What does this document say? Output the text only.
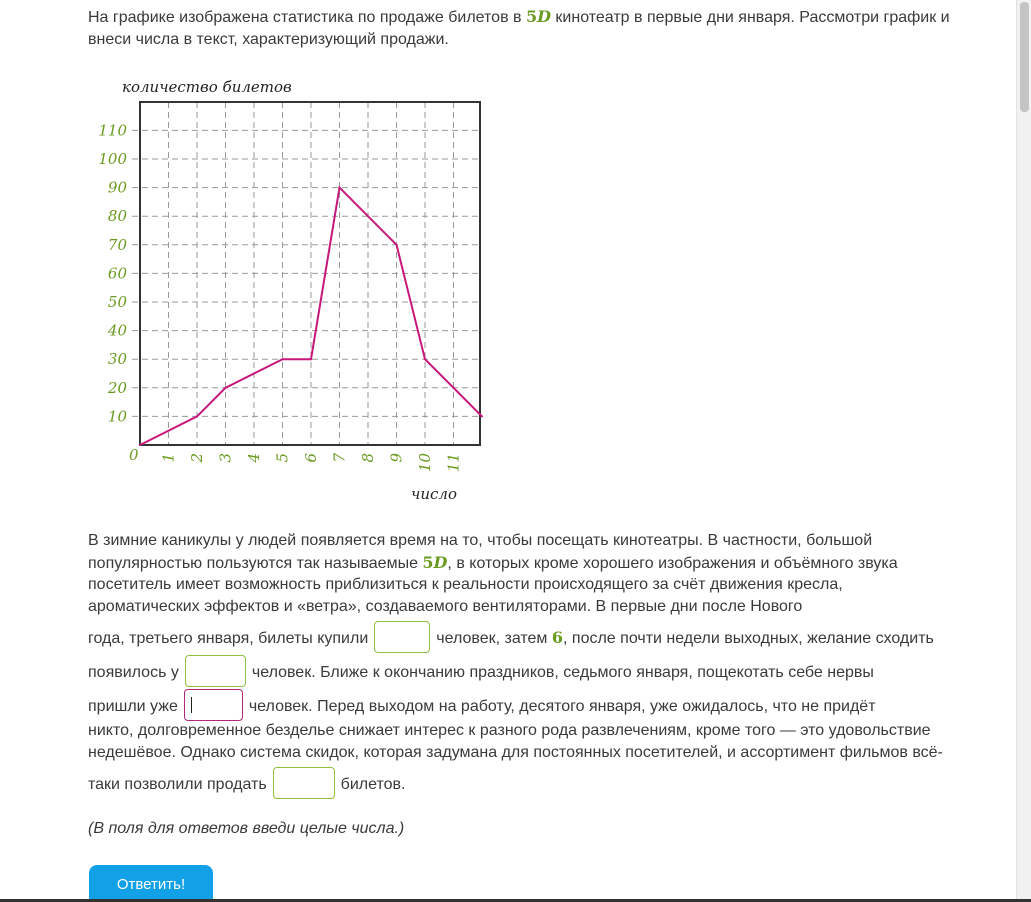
На графике изображена статистика по продаже билетов в 5D кинотеатр в первые дни января. Рассмотри график и внеси числа в текст, характеризующий продажи.
10
20
30
40
50
60
70
80
90
100
110
1 2 3 4 5 6 7 8 9 10 11
количество билетов
число
0
В зимние каникулы у людей появляется время на то, чтобы посещать кинотеатры. В частности, большой
популярностью пользуются так называемые 5D, в которых кроме хорошего изображения и объёмного звука
посетитель имеет возможность приблизиться к реальности происходящего за счёт движения кресла,
ароматических эффектов и «ветра», создаваемого вентиляторами. В первые дни после Нового
года, третьего января, билеты купили	человек, затем 6, после почти недели выходных, желание сходить
появилось у	человек. Ближе к окончанию праздников, седьмого января, пощекотать себе нервы
пришли уже	человек. Перед выходом на работу, десятого января, уже ожидалось, что не придёт
никто, долговременное безделье снижает интерес к разного рода развлечениям, кроме того — это удовольствие
недешёвое. Однако система скидок, которая задумана для постоянных посетителей, и ассортимент фильмов всё-
таки позволили продать	билетов.
(В поля для ответов введи целые числа.)
Ответить!
